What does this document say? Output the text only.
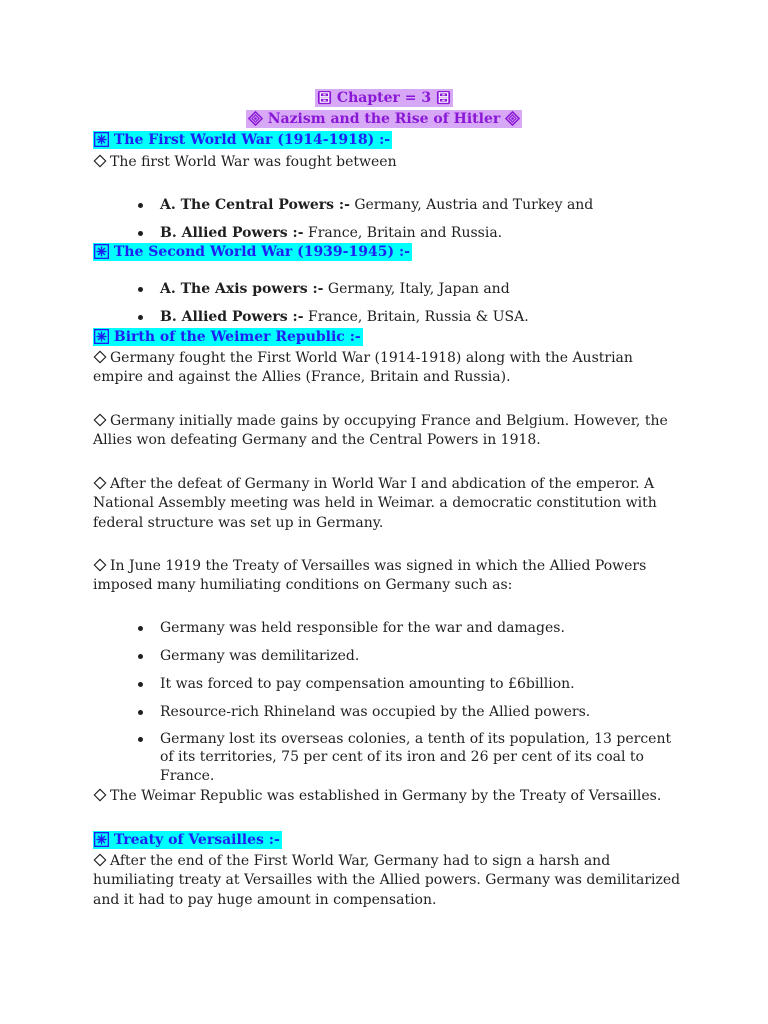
Chapter = 3
Nazism and the Rise of Hitler
The First World War (1914-1918) :-
The first World War was fought between
A. The Central Powers :- Germany, Austria and Turkey and
B. Allied Powers :- France, Britain and Russia.
The Second World War (1939-1945) :-
A. The Axis powers :- Germany, Italy, Japan and
B. Allied Powers :- France, Britain, Russia & USA.
Birth of the Weimer Republic :-
Germany fought the First World War (1914-1918) along with the Austrian empire and against the Allies (France, Britain and Russia).
Germany initially made gains by occupying France and Belgium. However, the Allies won defeating Germany and the Central Powers in 1918.
After the defeat of Germany in World War I and abdication of the emperor. A National Assembly meeting was held in Weimar. a democratic constitution with federal structure was set up in Germany.
In June 1919 the Treaty of Versailles was signed in which the Allied Powers imposed many humiliating conditions on Germany such as:
Germany was held responsible for the war and damages.
Germany was demilitarized.
It was forced to pay compensation amounting to £6billion.
Resource-rich Rhineland was occupied by the Allied powers.
Germany lost its overseas colonies, a tenth of its population, 13 percent of its territories, 75 per cent of its iron and 26 per cent of its coal to France.
The Weimar Republic was established in Germany by the Treaty of Versailles.
Treaty of Versailles :-
After the end of the First World War, Germany had to sign a harsh and humiliating treaty at Versailles with the Allied powers. Germany was demilitarized and it had to pay huge amount in compensation.
